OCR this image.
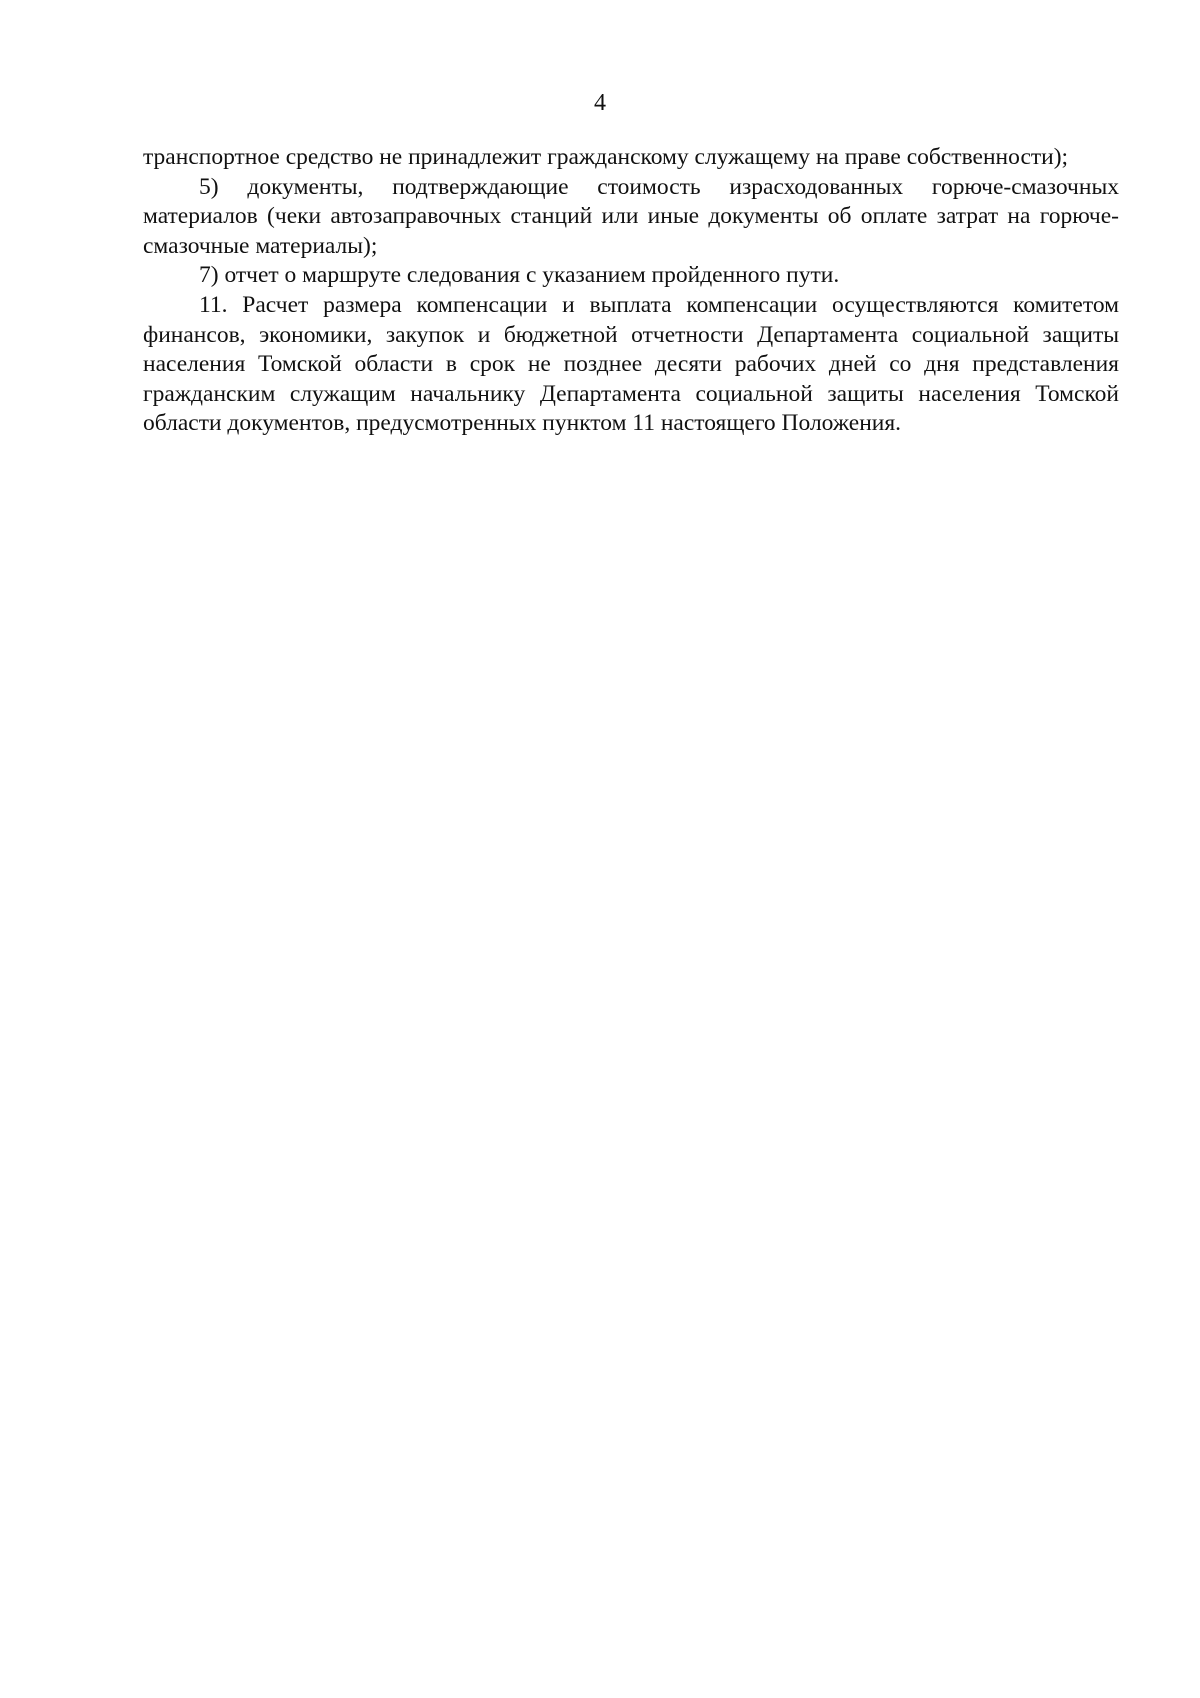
4

транспортное средство не принадлежит гражданскому служащему на праве собственности);

5) документы, подтверждающие стоимость израсходованных горюче-смазочных материалов (чеки автозаправочных станций или иные документы об оплате затрат на горюче-смазочные материалы);

7) отчет о маршруте следования с указанием пройденного пути.

11. Расчет размера компенсации и выплата компенсации осуществляются комитетом финансов, экономики, закупок и бюджетной отчетности Департамента социальной защиты населения Томской области в срок не позднее десяти рабочих дней со дня представления гражданским служащим начальнику Департамента социальной защиты населения Томской области документов, предусмотренных пунктом 11 настоящего Положения.
